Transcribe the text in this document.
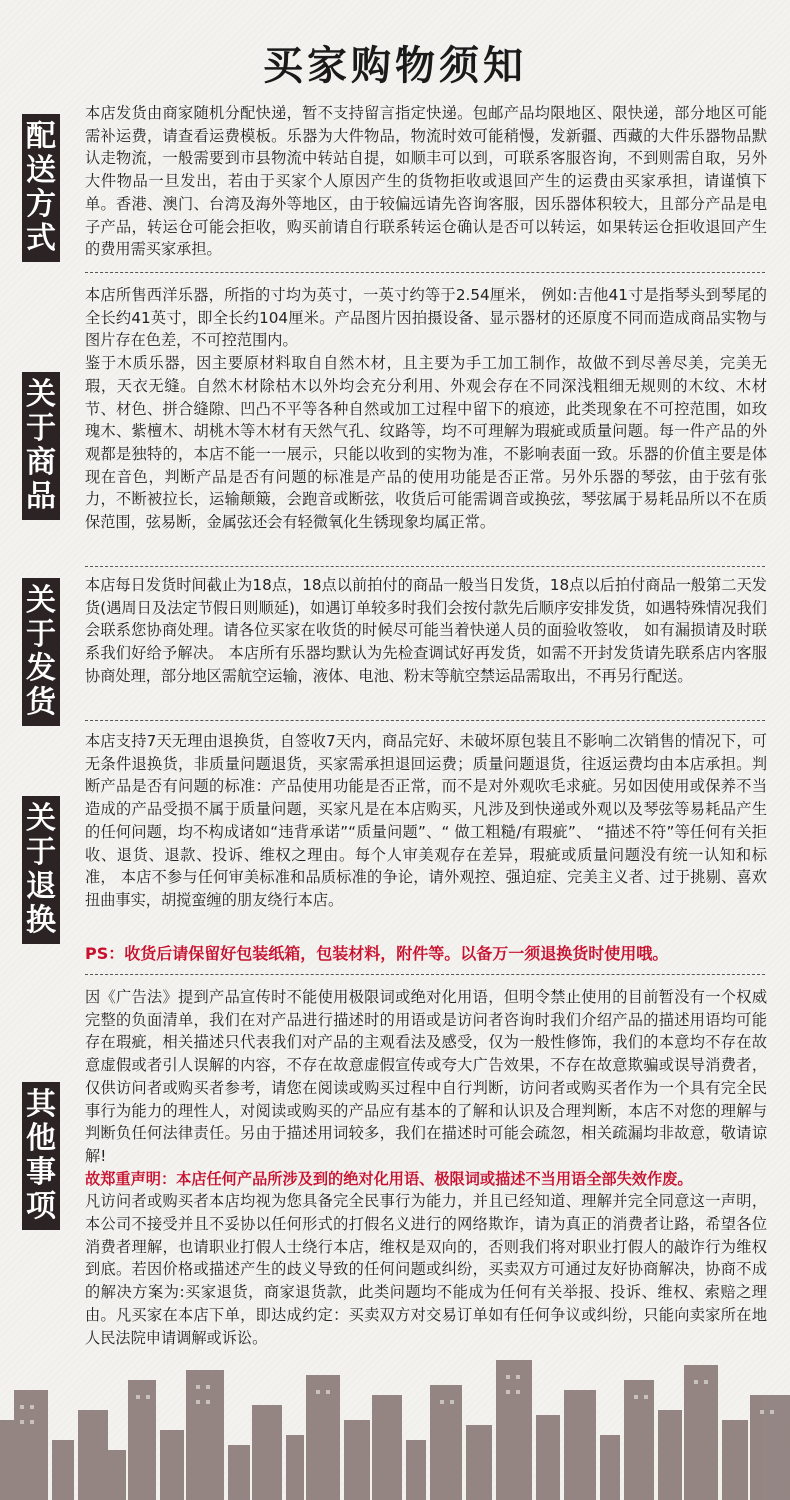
买家购物须知
配
送
方
式

本店发货由商家随机分配快递，暂不支持留言指定快递。包邮产品均限地区、限快递，部分地区可能需补运费，请查看运费模板。乐器为大件物品，物流时效可能稍慢，发新疆、西藏的大件乐器物品默认走物流，一般需要到市县物流中转站自提，如顺丰可以到，可联系客服咨询，不到则需自取，另外大件物品一旦发出，若由于买家个人原因产生的货物拒收或退回产生的运费由买家承担，请谨慎下单。香港、澳门、台湾及海外等地区，由于较偏远请先咨询客服，因乐器体积较大，且部分产品是电子产品，转运仓可能会拒收，购买前请自行联系转运仓确认是否可以转运，如果转运仓拒收退回产生的费用需买家承担。

关
于
商
品

本店所售西洋乐器，所指的寸均为英寸，一英寸约等于2.54厘米， 例如:吉他41寸是指琴头到琴尾的全长约41英寸，即全长约104厘米。产品图片因拍摄设备、显示器材的还原度不同而造成商品实物与图片存在色差，不可控范围内。

鉴于木质乐器，因主要原材料取自自然木材，且主要为手工加工制作，故做不到尽善尽美，完美无瑕，天衣无缝。自然木材除枯木以外均会充分利用、外观会存在不同深浅粗细无规则的木纹、木材节、材色、拼合缝隙、凹凸不平等各种自然或加工过程中留下的痕迹，此类现象在不可控范围，如玫瑰木、紫檀木、胡桃木等木材有天然气孔、纹路等，均不可理解为瑕疵或质量问题。每一件产品的外观都是独特的，本店不能一一展示，只能以收到的实物为准，不影响表面一致。乐器的价值主要是体现在音色，判断产品是否有问题的标准是产品的使用功能是否正常。另外乐器的琴弦，由于弦有张力，不断被拉长，运输颠簸，会跑音或断弦，收货后可能需调音或换弦，琴弦属于易耗品所以不在质保范围，弦易断，金属弦还会有轻微氧化生锈现象均属正常。

关
于
发
货

本店每日发货时间截止为18点，18点以前拍付的商品一般当日发货，18点以后拍付商品一般第二天发货(遇周日及法定节假日则顺延)，如遇订单较多时我们会按付款先后顺序安排发货，如遇特殊情况我们会联系您协商处理。请各位买家在收货的时候尽可能当着快递人员的面验收签收， 如有漏损请及时联系我们好给予解决。 本店所有乐器均默认为先检查调试好再发货，如需不开封发货请先联系店内客服协商处理，部分地区需航空运输，液体、电池、粉末等航空禁运品需取出，不再另行配送。

关
于
退
换

本店支持7天无理由退换货，自签收7天内，商品完好、未破坏原包装且不影响二次销售的情况下，可无条件退换货，非质量问题退货，买家需承担退回运费；质量问题退货，往返运费均由本店承担。判断产品是否有问题的标准：产品使用功能是否正常，而不是对外观吹毛求疵。另如因使用或保养不当造成的产品受损不属于质量问题，买家凡是在本店购买，凡涉及到快递或外观以及琴弦等易耗品产生的任何问题，均不构成诸如“违背承诺”“质量问题”、“ 做工粗糙/有瑕疵”、 “描述不符”等任何有关拒收、退货、退款、投诉、维权之理由。每个人审美观存在差异，瑕疵或质量问题没有统一认知和标准， 本店不参与任何审美标准和品质标准的争论，请外观控、强迫症、完美主义者、过于挑剔、喜欢扭曲事实，胡搅蛮缠的朋友绕行本店。

PS：收货后请保留好包装纸箱，包装材料，附件等。以备万一须退换货时使用哦。
其
他
事
项

因《广告法》提到产品宣传时不能使用极限词或绝对化用语，但明令禁止使用的目前暂没有一个权威完整的负面清单，我们在对产品进行描述时的用语或是访问者咨询时我们介绍产品的描述用语均可能存在瑕疵，相关描述只代表我们对产品的主观看法及感受，仅为一般性修饰，我们的本意均不存在故意虚假或者引人误解的内容，不存在故意虚假宣传或夸大广告效果，不存在故意欺骗或误导消费者，仅供访问者或购买者参考，请您在阅读或购买过程中自行判断，访问者或购买者作为一个具有完全民事行为能力的理性人，对阅读或购买的产品应有基本的了解和认识及合理判断，本店不对您的理解与判断负任何法律责任。另由于描述用词较多，我们在描述时可能会疏忽，相关疏漏均非故意，敬请谅解!

故郑重声明：本店任何产品所涉及到的绝对化用语、极限词或描述不当用语全部失效作废。

凡访问者或购买者本店均视为您具备完全民事行为能力，并且已经知道、理解并完全同意这一声明，本公司不接受并且不妥协以任何形式的打假名义进行的网络欺诈，请为真正的消费者让路，希望各位消费者理解，也请职业打假人士绕行本店，维权是双向的，否则我们将对职业打假人的敲诈行为维权到底。若因价格或描述产生的歧义导致的任何问题或纠纷，买卖双方可通过友好协商解决，协商不成的解决方案为:买家退货，商家退货款，此类问题均不能成为任何有关举报、投诉、维权、索赔之理由。凡买家在本店下单，即达成约定：买卖双方对交易订单如有任何争议或纠纷，只能向卖家所在地人民法院申请调解或诉讼。
